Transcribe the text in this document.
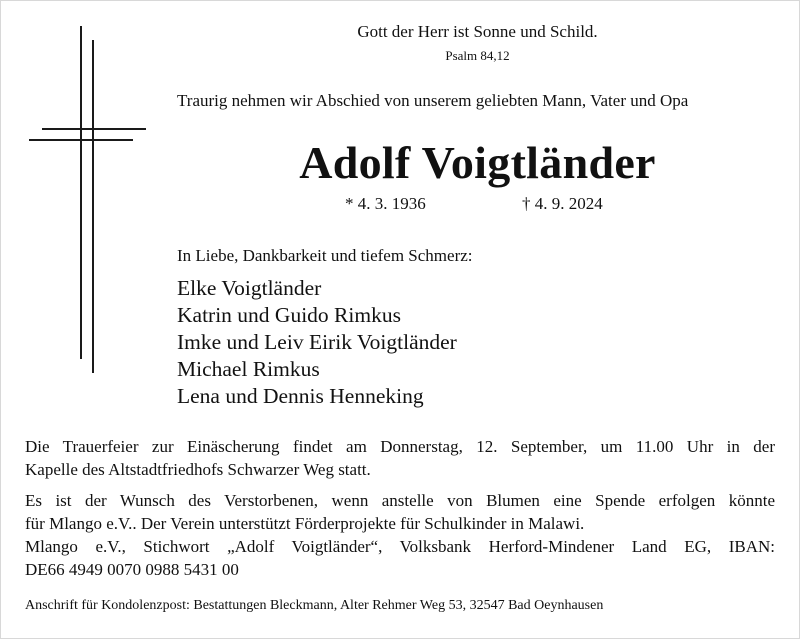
Gott der Herr ist Sonne und Schild.
Psalm 84,12
Traurig nehmen wir Abschied von unserem geliebten Mann, Vater und Opa
Adolf Voigtländer
* 4. 3. 1936	† 4. 9. 2024
In Liebe, Dankbarkeit und tiefem Schmerz:
Elke Voigtländer
Katrin und Guido Rimkus
Imke und Leiv Eirik Voigtländer
Michael Rimkus
Lena und Dennis Henneking
Die Trauerfeier zur Einäscherung findet am Donnerstag, 12. September, um 11.00 Uhr in der
Kapelle des Altstadtfriedhofs Schwarzer Weg statt.
Es ist der Wunsch des Verstorbenen, wenn anstelle von Blumen eine Spende erfolgen könnte
für Mlango e.V.. Der Verein unterstützt Förderprojekte für Schulkinder in Malawi.
Mlango e.V., Stichwort „Adolf Voigtländer“, Volksbank Herford-Mindener Land EG, IBAN:
DE66 4949 0070 0988 5431 00
Anschrift für Kondolenzpost: Bestattungen Bleckmann, Alter Rehmer Weg 53, 32547 Bad Oeynhausen
